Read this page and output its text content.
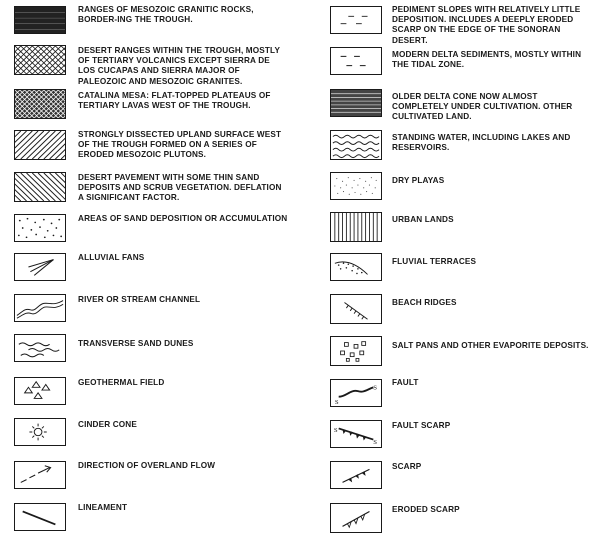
RANGES OF MESOZOIC GRANITIC ROCKS, BORDER-ING THE TROUGH.
DESERT RANGES WITHIN THE TROUGH, MOSTLY OF TERTIARY VOLCANICS EXCEPT SIERRA DE LOS CUCAPAS AND SIERRA MAJOR OF PALEOZOIC AND MESOZOIC GRANITES.
CATALINA MESA: FLAT-TOPPED PLATEAUS OF TERTIARY LAVAS WEST OF THE TROUGH.
STRONGLY DISSECTED UPLAND SURFACE WEST OF THE TROUGH FORMED ON A SERIES OF ERODED MESOZOIC PLUTONS.
DESERT PAVEMENT WITH SOME THIN SAND DEPOSITS AND SCRUB VEGETATION. DEFLATION A SIGNIFICANT FACTOR.
AREAS OF SAND DEPOSITION OR ACCUMULATION
ALLUVIAL FANS
RIVER OR STREAM CHANNEL
TRANSVERSE SAND DUNES
GEOTHERMAL FIELD
CINDER CONE
DIRECTION OF OVERLAND FLOW
LINEAMENT
PEDIMENT SLOPES WITH RELATIVELY LITTLE DEPOSITION. INCLUDES A DEEPLY ERODED SCARP ON THE EDGE OF THE SONORAN DESERT.
MODERN DELTA SEDIMENTS, MOSTLY WITHIN THE TIDAL ZONE.
OLDER DELTA CONE NOW ALMOST COMPLETELY UNDER CULTIVATION. OTHER CULTIVATED LAND.
STANDING WATER, INCLUDING LAKES AND RESERVOIRS.
DRY PLAYAS
URBAN LANDS
FLUVIAL TERRACES
BEACH RIDGES
SALT PANS AND OTHER EVAPORITE DEPOSITS.
S
S
FAULT
S
S
FAULT SCARP
SCARP
ERODED SCARP
